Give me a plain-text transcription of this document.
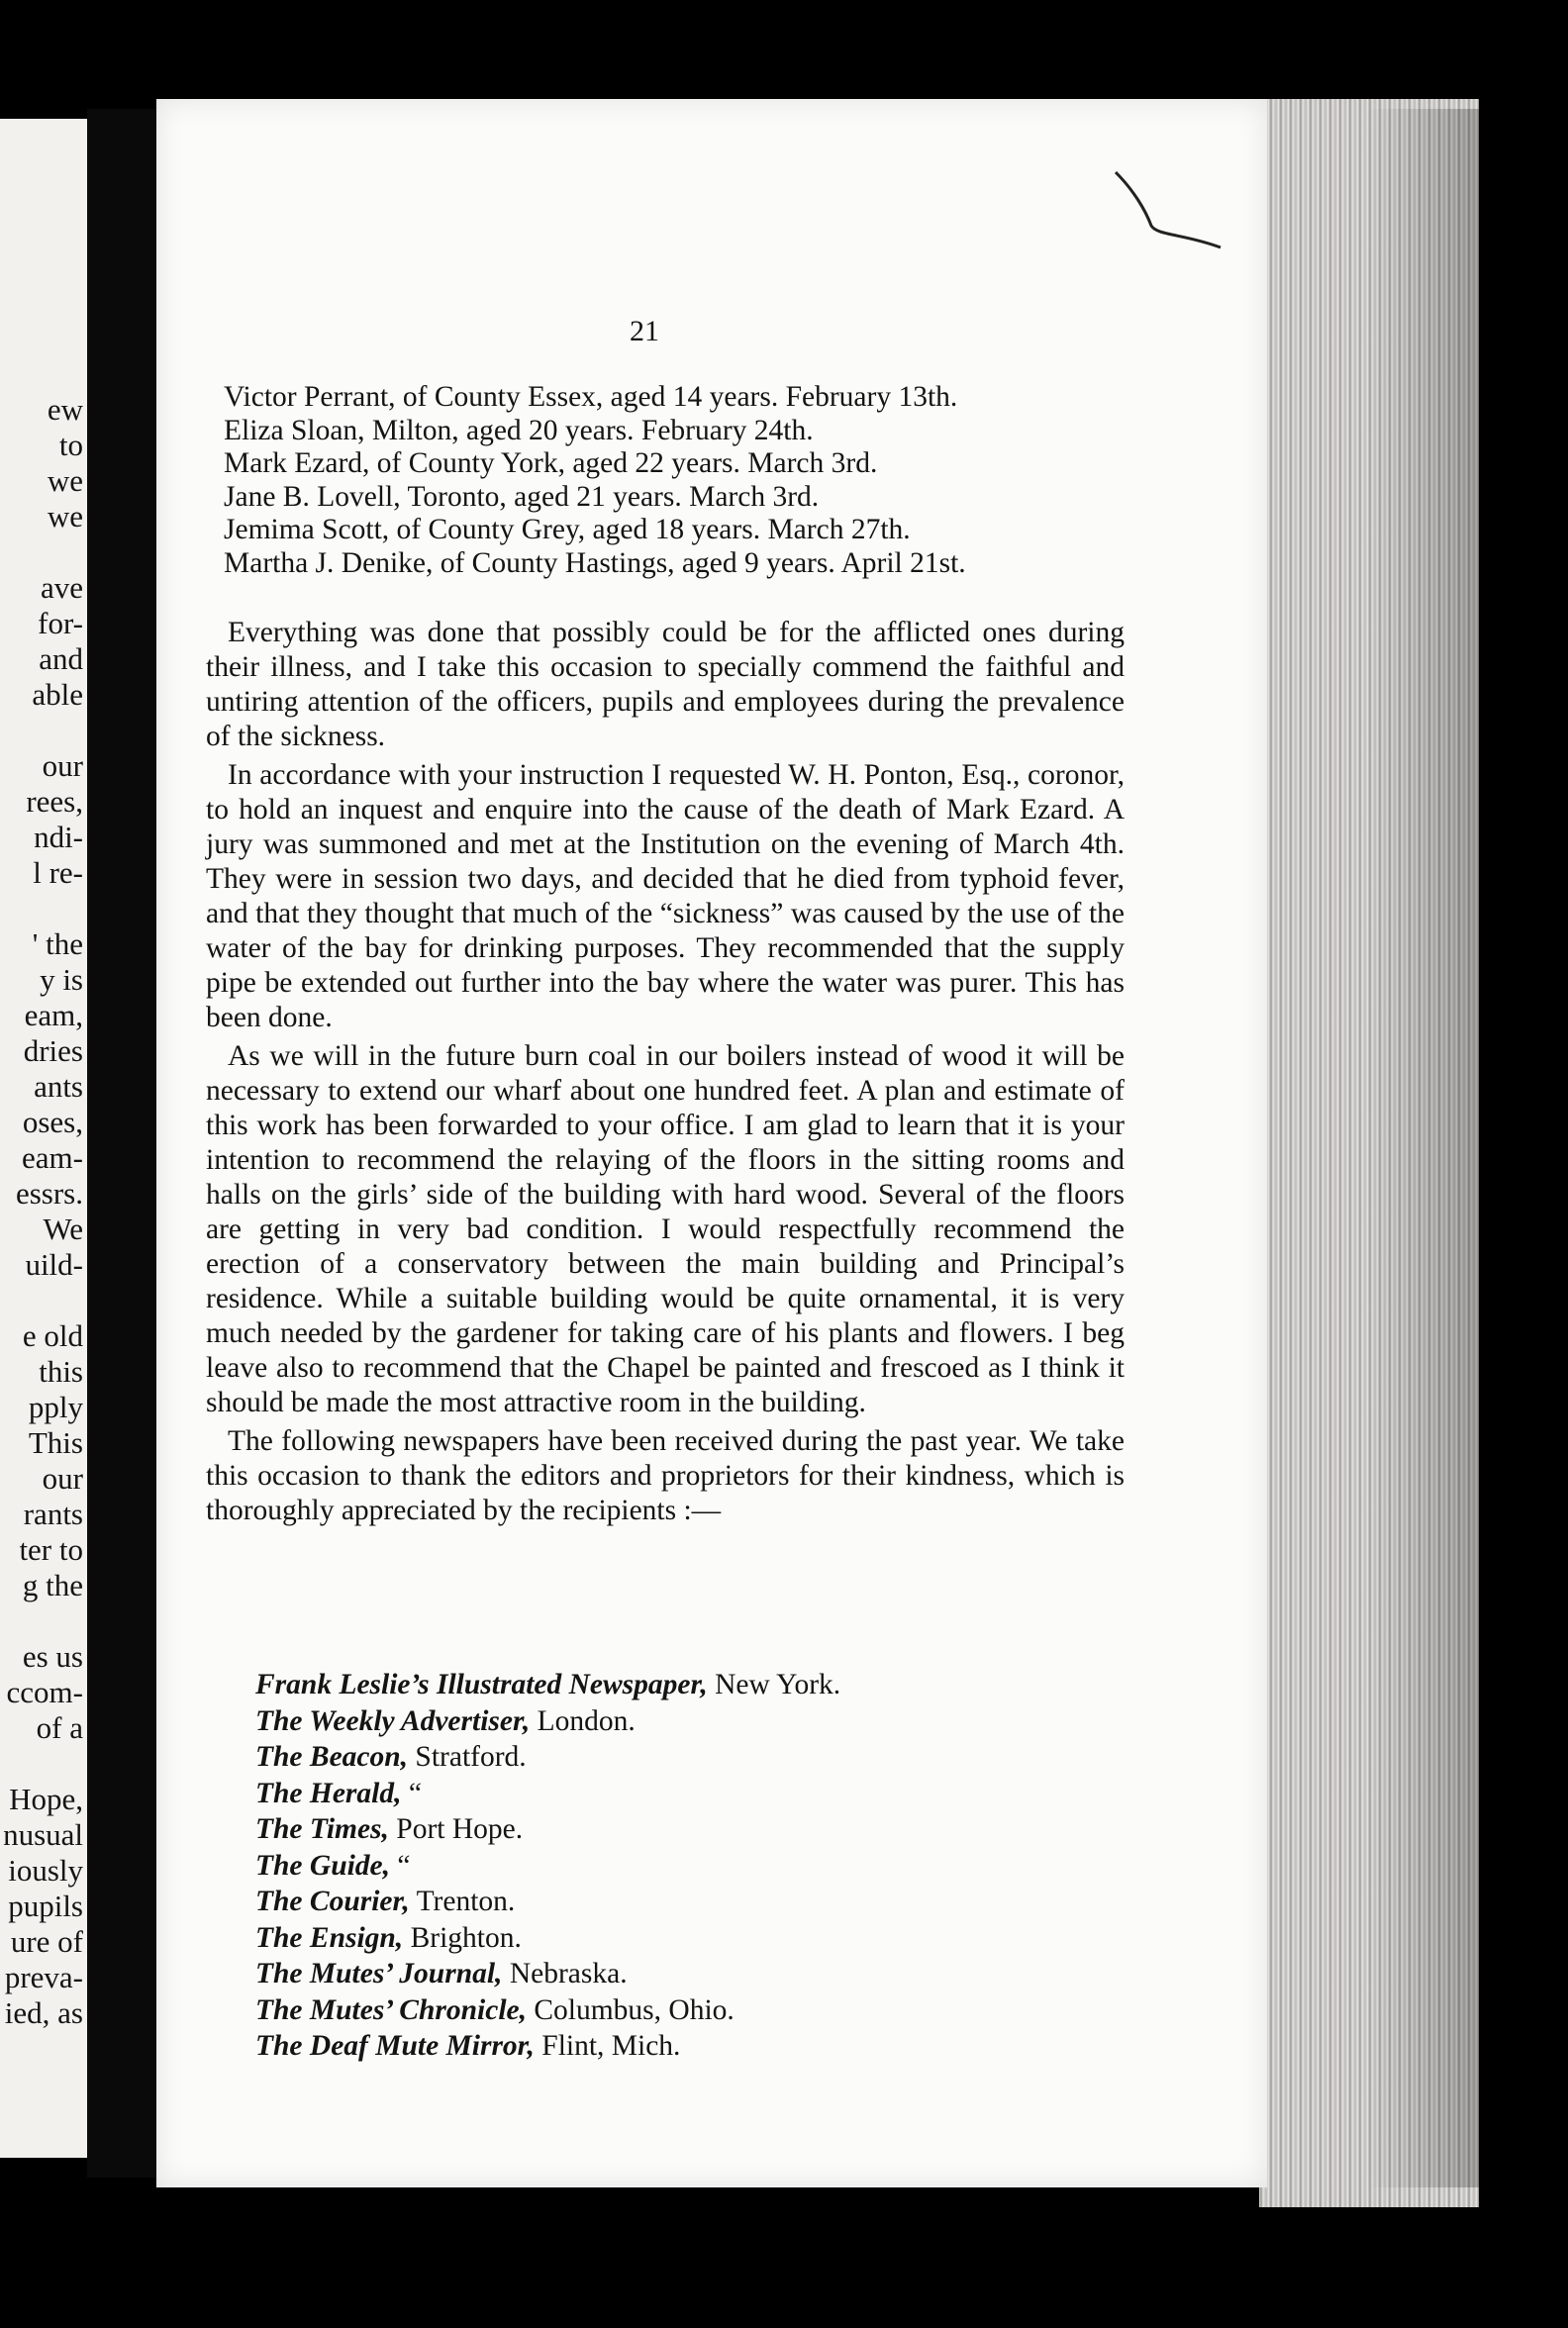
ew
to
we
we
ave
for-
and
able
our
rees,
ndi-
l re-
' the
y is
eam,
dries
ants
oses,
eam-
essrs.
We
uild-
e old
this
pply
This
our
rants
ter to
g the
es us
ccom-
of a
Hope,
nusual
iously
pupils
ure of
preva-
ied, as
21
Victor Perrant, of County Essex, aged 14 years. February 13th.
Eliza Sloan, Milton, aged 20 years. February 24th.
Mark Ezard, of County York, aged 22 years. March 3rd.
Jane B. Lovell, Toronto, aged 21 years. March 3rd.
Jemima Scott, of County Grey, aged 18 years. March 27th.
Martha J. Denike, of County Hastings, aged 9 years. April 21st.

Everything was done that possibly could be for the afflicted ones during their illness, and I take this occasion to specially commend the faithful and untiring attention of the officers, pupils and employees during the prevalence of the sickness.

In accordance with your instruction I requested W. H. Ponton, Esq., coronor, to hold an inquest and enquire into the cause of the death of Mark Ezard. A jury was summoned and met at the Institution on the evening of March 4th. They were in session two days, and decided that he died from typhoid fever, and that they thought that much of the “sickness” was caused by the use of the water of the bay for drinking purposes. They recommended that the supply pipe be extended out further into the bay where the water was purer. This has been done.

As we will in the future burn coal in our boilers instead of wood it will be necessary to extend our wharf about one hundred feet. A plan and estimate of this work has been forwarded to your office. I am glad to learn that it is your intention to recommend the relaying of the floors in the sitting rooms and halls on the girls’ side of the building with hard wood. Several of the floors are getting in very bad condition. I would respectfully recommend the erection of a conservatory between the main building and Principal’s residence. While a suitable building would be quite ornamental, it is very much needed by the gardener for taking care of his plants and flowers. I beg leave also to recommend that the Chapel be painted and frescoed as I think it should be made the most attractive room in the building.

The following newspapers have been received during the past year. We take this occasion to thank the editors and proprietors for their kindness, which is thoroughly appreciated by the recipients :—

Frank Leslie’s Illustrated Newspaper, New York.
The Weekly Advertiser, London.
The Beacon, Stratford.
The Herald, “
The Times, Port Hope.
The Guide, “
The Courier, Trenton.
The Ensign, Brighton.
The Mutes’ Journal, Nebraska.
The Mutes’ Chronicle, Columbus, Ohio.
The Deaf Mute Mirror, Flint, Mich.
